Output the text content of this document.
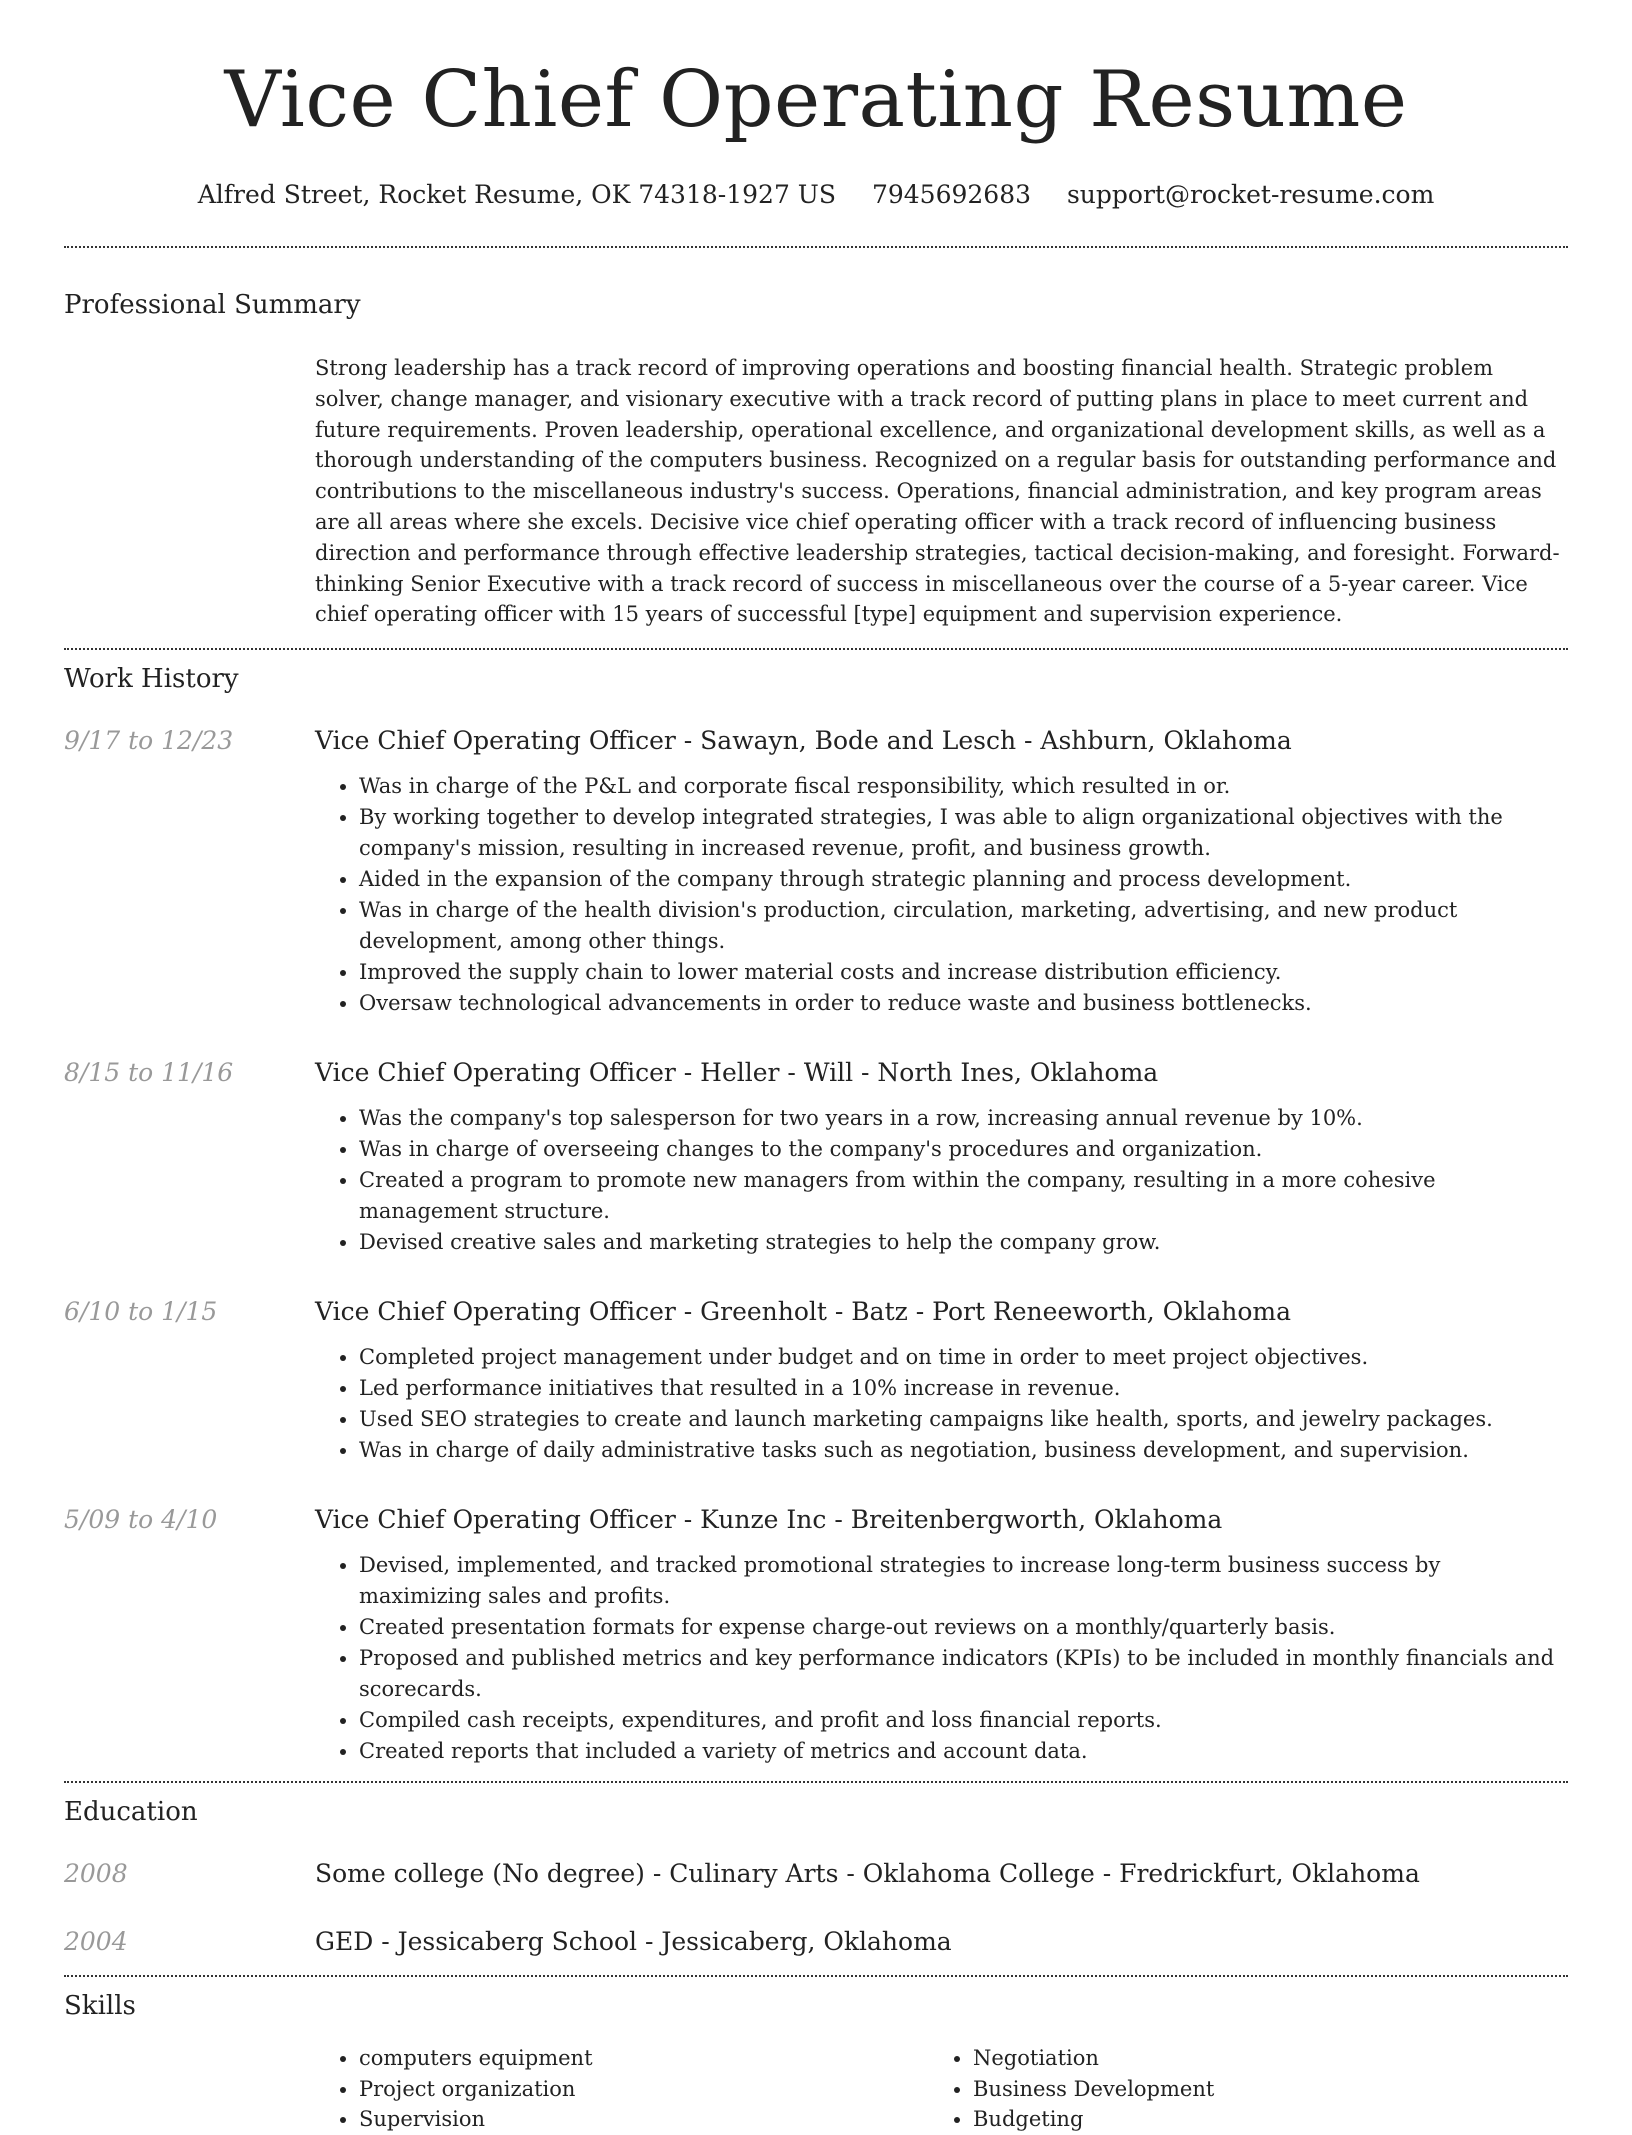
Vice Chief Operating Resume
Alfred Street, Rocket Resume, OK 74318-1927 US 7945692683 support@rocket-resume.com
Professional Summary
Strong leadership has a track record of improving operations and boosting financial health. Strategic problem solver, change manager, and visionary executive with a track record of putting plans in place to meet current and future requirements. Proven leadership, operational excellence, and organizational development skills, as well as a thorough understanding of the computers business. Recognized on a regular basis for outstanding performance and contributions to the miscellaneous industry's success. Operations, financial administration, and key program areas are all areas where she excels. Decisive vice chief operating officer with a track record of influencing business direction and performance through effective leadership strategies, tactical decision-making, and foresight. Forward-thinking Senior Executive with a track record of success in miscellaneous over the course of a 5-year career. Vice chief operating officer with 15 years of successful [type] equipment and supervision experience.
Work History
9/17 to 12/23	Vice Chief Operating Officer - Sawayn, Bode and Lesch - Ashburn, Oklahoma
• Was in charge of the P&L and corporate fiscal responsibility, which resulted in or.
• By working together to develop integrated strategies, I was able to align organizational objectives with the company's mission, resulting in increased revenue, profit, and business growth.
• Aided in the expansion of the company through strategic planning and process development.
• Was in charge of the health division's production, circulation, marketing, advertising, and new product development, among other things.
• Improved the supply chain to lower material costs and increase distribution efficiency.
• Oversaw technological advancements in order to reduce waste and business bottlenecks.
8/15 to 11/16	Vice Chief Operating Officer - Heller - Will - North Ines, Oklahoma
• Was the company's top salesperson for two years in a row, increasing annual revenue by 10%.
• Was in charge of overseeing changes to the company's procedures and organization.
• Created a program to promote new managers from within the company, resulting in a more cohesive management structure.
• Devised creative sales and marketing strategies to help the company grow.
6/10 to 1/15	Vice Chief Operating Officer - Greenholt - Batz - Port Reneeworth, Oklahoma
• Completed project management under budget and on time in order to meet project objectives.
• Led performance initiatives that resulted in a 10% increase in revenue.
• Used SEO strategies to create and launch marketing campaigns like health, sports, and jewelry packages.
• Was in charge of daily administrative tasks such as negotiation, business development, and supervision.
5/09 to 4/10	Vice Chief Operating Officer - Kunze Inc - Breitenbergworth, Oklahoma
• Devised, implemented, and tracked promotional strategies to increase long-term business success by maximizing sales and profits.
• Created presentation formats for expense charge-out reviews on a monthly/quarterly basis.
• Proposed and published metrics and key performance indicators (KPIs) to be included in monthly financials and scorecards.
• Compiled cash receipts, expenditures, and profit and loss financial reports.
• Created reports that included a variety of metrics and account data.
Education
2008	Some college (No degree) - Culinary Arts - Oklahoma College - Fredrickfurt, Oklahoma
2004	GED - Jessicaberg School - Jessicaberg, Oklahoma
Skills
• computers equipment
• Project organization
• Supervision
• Negotiation
• Business Development
• Budgeting
